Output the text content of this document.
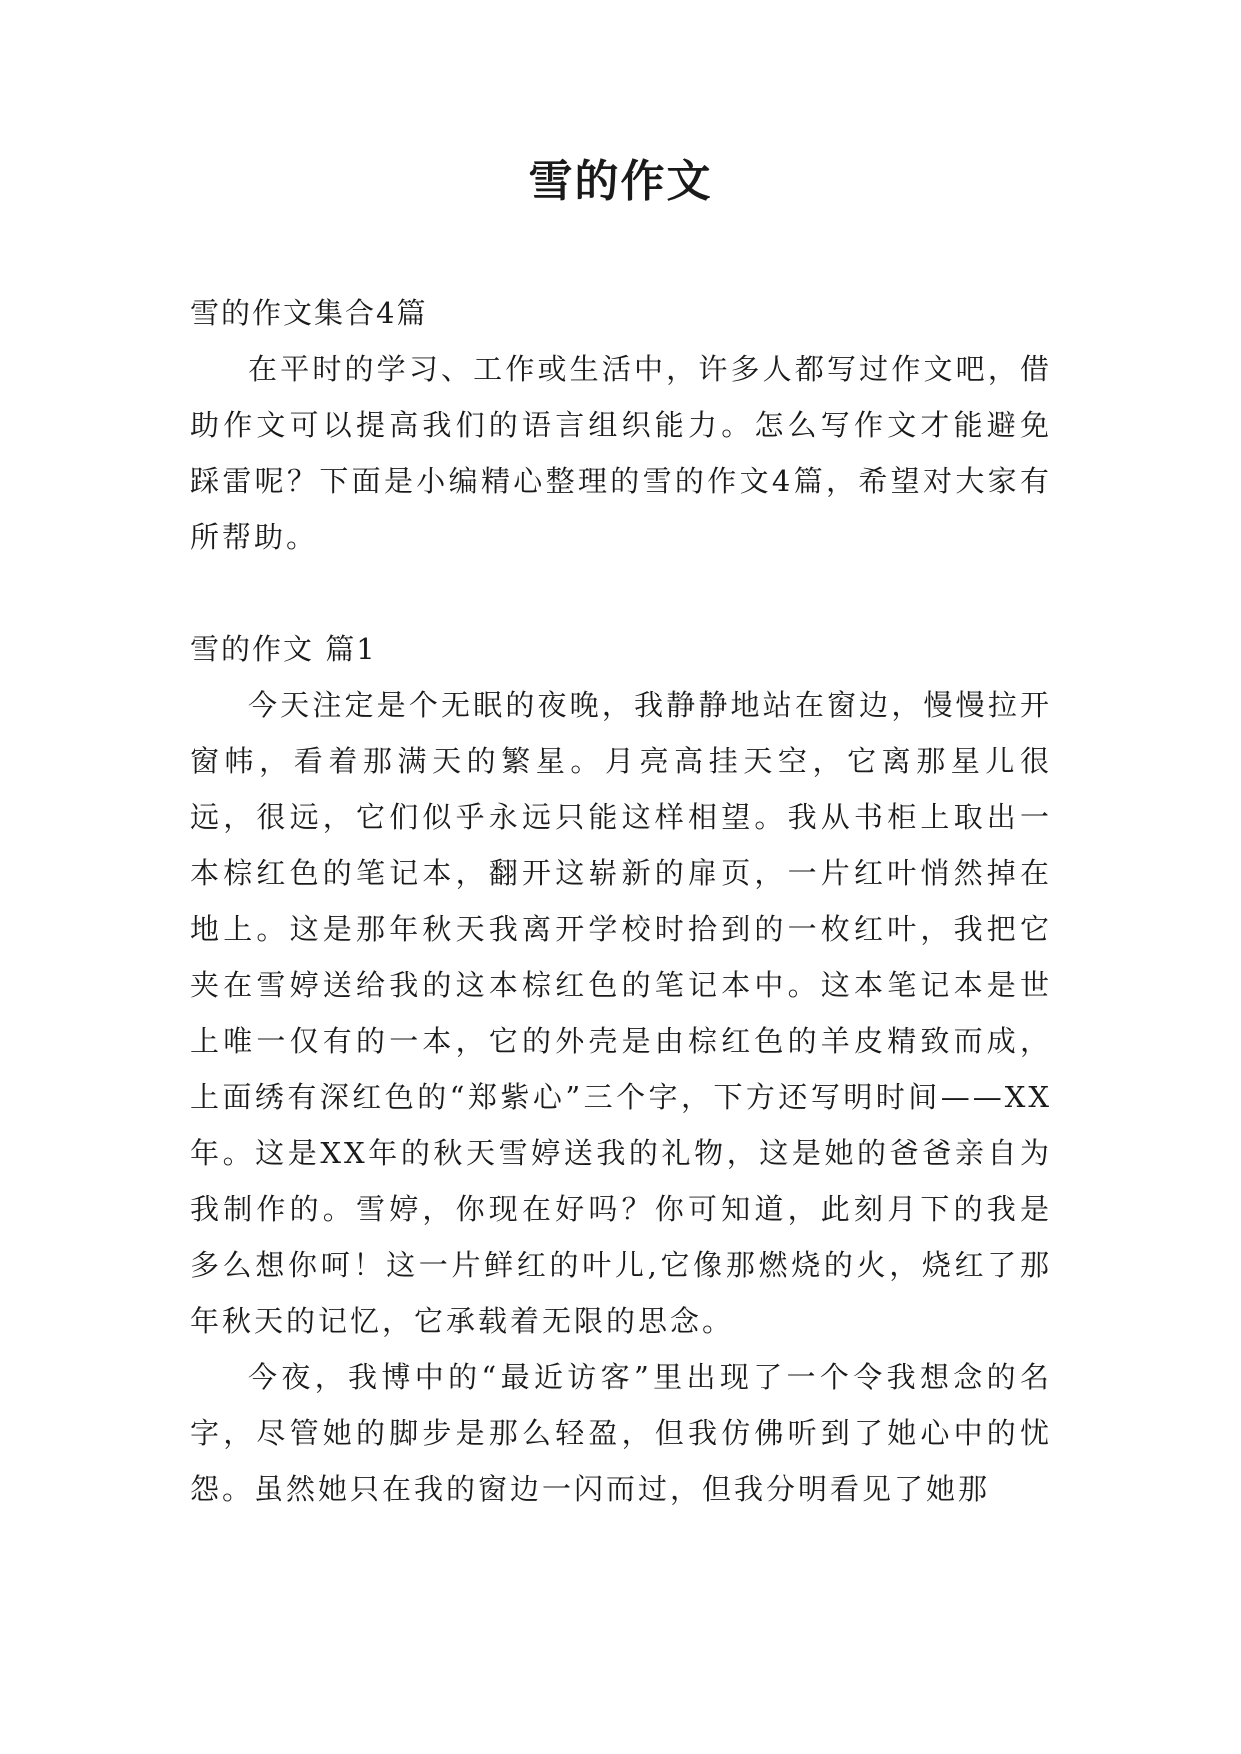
雪的作文

雪的作文集合4篇

在平时的学习、工作或生活中，许多人都写过作文吧，借助作文可以提高我们的语言组织能力。怎么写作文才能避免踩雷呢？下面是小编精心整理的雪的作文4篇，希望对大家有所帮助。

雪的作文 篇1

今天注定是个无眠的夜晚，我静静地站在窗边，慢慢拉开窗帏，看着那满天的繁星。月亮高挂天空，它离那星儿很远，很远，它们似乎永远只能这样相望。我从书柜上取出一本棕红色的笔记本，翻开这崭新的扉页，一片红叶悄然掉在地上。这是那年秋天我离开学校时拾到的一枚红叶，我把它夹在雪婷送给我的这本棕红色的笔记本中。这本笔记本是世上唯一仅有的一本，它的外壳是由棕红色的羊皮精致而成，上面绣有深红色的“郑紫心”三个字，下方还写明时间——XX年。这是XX年的秋天雪婷送我的礼物，这是她的爸爸亲自为我制作的。雪婷，你现在好吗？你可知道，此刻月下的我是多么想你呵！这一片鲜红的叶儿,它像那燃烧的火，烧红了那年秋天的记忆，它承载着无限的思念。

今夜，我博中的“最近访客”里出现了一个令我想念的名字，尽管她的脚步是那么轻盈，但我仿佛听到了她心中的忧怨。虽然她只在我的窗边一闪而过，但我分明看见了她那
